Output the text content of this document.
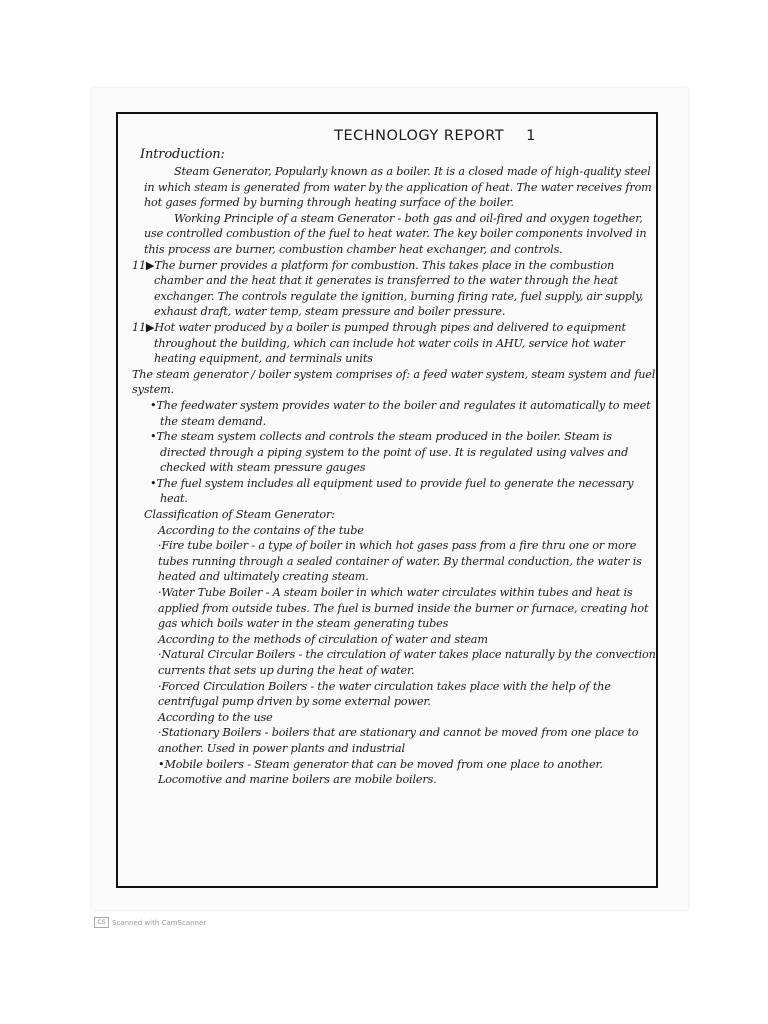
TECHNOLOGY REPORT 1

Introduction:

Steam Generator, Popularly known as a boiler. It is a closed made of high-quality steel in which steam is generated from water by the application of heat. The water receives from hot gases formed by burning through heating surface of the boiler.

Working Principle of a steam Generator - both gas and oil-fired and oxygen together, use controlled combustion of the fuel to heat water. The key boiler components involved in this process are burner, combustion chamber heat exchanger, and controls.

11▶The burner provides a platform for combustion. This takes place in the combustion chamber and the heat that it generates is transferred to the water through the heat exchanger. The controls regulate the ignition, burning firing rate, fuel supply, air supply, exhaust draft, water temp, steam pressure and boiler pressure.

11▶Hot water produced by a boiler is pumped through pipes and delivered to equipment throughout the building, which can include hot water coils in AHU, service hot water heating equipment, and terminals units

The steam generator / boiler system comprises of: a feed water system, steam system and fuel system.

•The feedwater system provides water to the boiler and regulates it automatically to meet the steam demand.

•The steam system collects and controls the steam produced in the boiler. Steam is directed through a piping system to the point of use. It is regulated using valves and checked with steam pressure gauges

•The fuel system includes all equipment used to provide fuel to generate the necessary heat.

Classification of Steam Generator:

According to the contains of the tube

·Fire tube boiler - a type of boiler in which hot gases pass from a fire thru one or more tubes running through a sealed container of water. By thermal conduction, the water is heated and ultimately creating steam.

·Water Tube Boiler - A steam boiler in which water circulates within tubes and heat is applied from outside tubes. The fuel is burned inside the burner or furnace, creating hot gas which boils water in the steam generating tubes

According to the methods of circulation of water and steam

·Natural Circular Boilers - the circulation of water takes place naturally by the convection currents that sets up during the heat of water.

·Forced Circulation Boilers - the water circulation takes place with the help of the centrifugal pump driven by some external power.

According to the use

·Stationary Boilers - boilers that are stationary and cannot be moved from one place to another. Used in power plants and industrial

•Mobile boilers - Steam generator that can be moved from one place to another. Locomotive and marine boilers are mobile boilers.

CS Scanned with CamScanner
